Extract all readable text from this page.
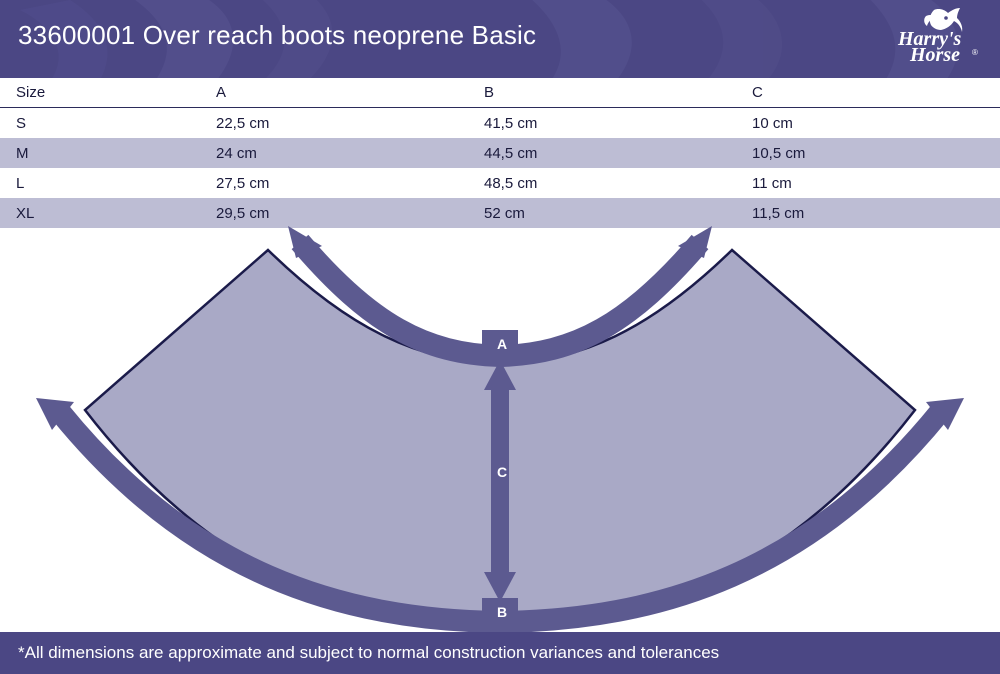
33600001 Over reach boots neoprene Basic	Harry's
Horse ®
Size	A	B	C
S	22,5 cm	41,5 cm	10 cm
M	24 cm	44,5 cm	10,5 cm
L	27,5 cm	48,5 cm	11 cm
XL	29,5 cm	52 cm	11,5 cm
A
C
B
*All dimensions are approximate and subject to normal construction variances and tolerances
